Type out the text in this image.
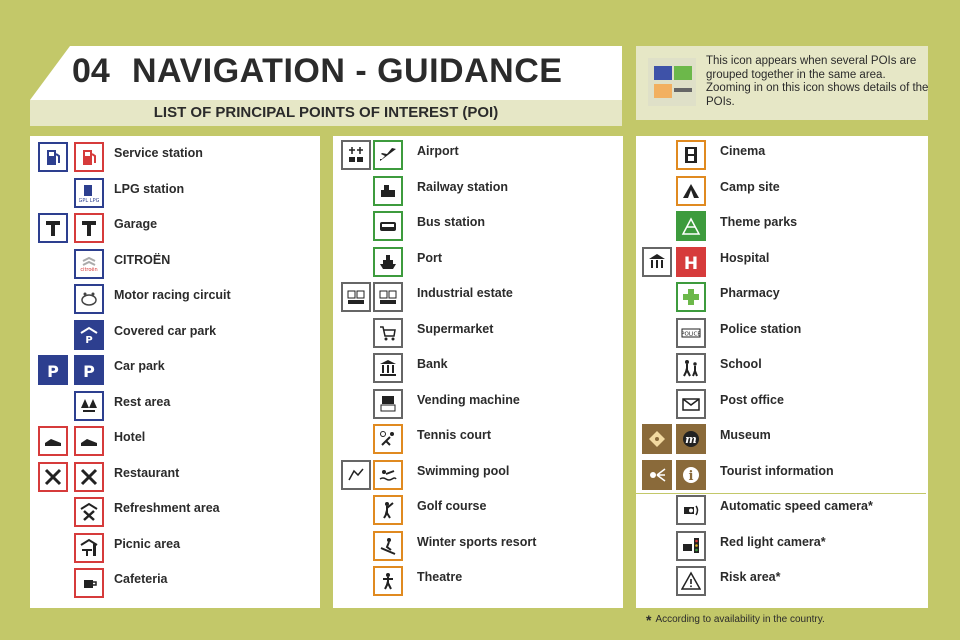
04 NAVIGATION - GUIDANCE
LIST OF PRINCIPAL POINTS OF INTEREST (POI)
This icon appears when several POIs are grouped together in the same area. Zooming in on this icon shows details of the POIs.
Service station
GPL LPG
LPG station
Garage
citroën
CITROËN
Motor racing circuit
P
Covered car park
P P Car park
Rest area
Hotel
Restaurant
Refreshment area
Picnic area
Cafeteria
Airport
Railway station
Bus station
Port
Industrial estate
Supermarket
Bank
Vending machine
Tennis court
Swimming pool
Golf course
Winter sports resort
Theatre
Cinema
Camp site
Theme parks
H Hospital
Pharmacy
POLICE Police station
School
Post office
m Museum
i Tourist information
Automatic speed camera*
Red light camera*
Risk area*
* According to availability in the country.
